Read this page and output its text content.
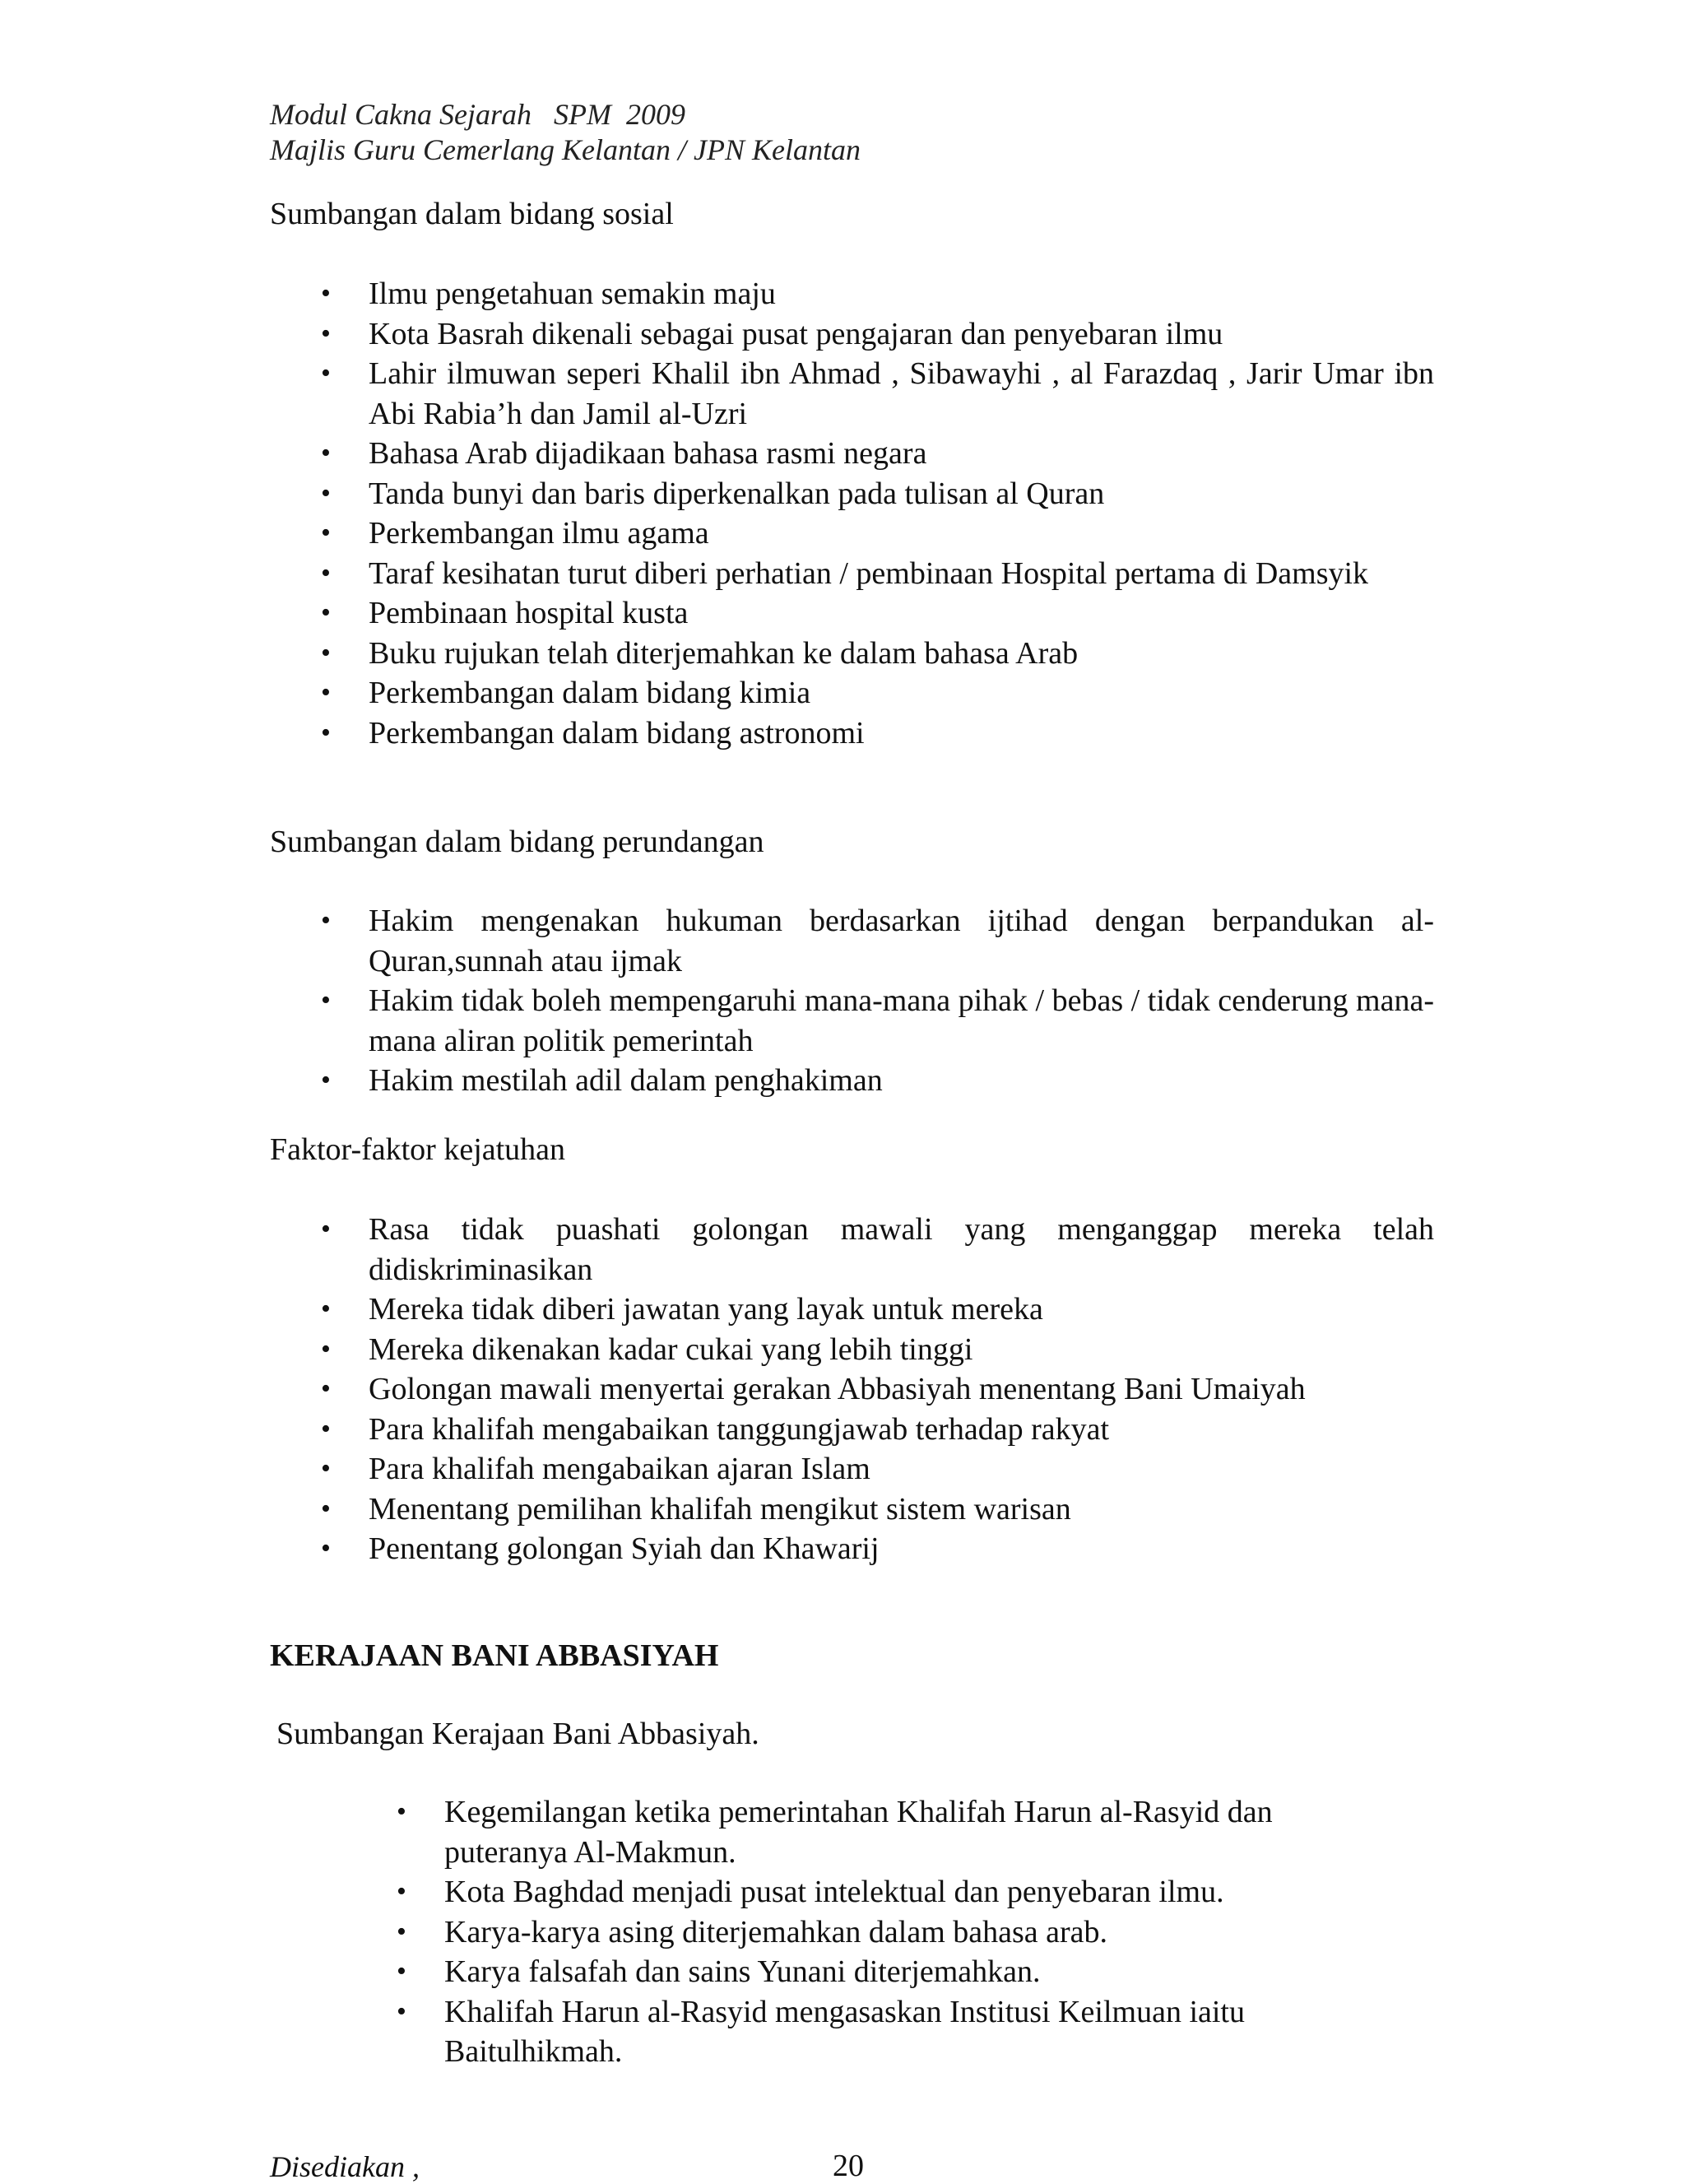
Modul Cakna Sejarah   SPM  2009
Majlis Guru Cemerlang Kelantan / JPN Kelantan
Sumbangan dalam bidang sosial
• Ilmu pengetahuan semakin maju
• Kota Basrah dikenali sebagai pusat pengajaran dan penyebaran ilmu
• Lahir ilmuwan seperi Khalil ibn Ahmad , Sibawayhi , al Farazdaq , Jarir Umar ibn Abi Rabia’h dan Jamil al-Uzri
• Bahasa Arab dijadikaan bahasa rasmi negara
• Tanda bunyi dan baris diperkenalkan pada tulisan al Quran
• Perkembangan ilmu agama
• Taraf kesihatan turut diberi perhatian / pembinaan Hospital pertama di Damsyik
• Pembinaan hospital kusta
• Buku rujukan telah diterjemahkan ke dalam bahasa Arab
• Perkembangan dalam bidang kimia
• Perkembangan dalam bidang astronomi
Sumbangan dalam bidang perundangan
• Hakim mengenakan hukuman berdasarkan ijtihad dengan berpandukan al-Quran,sunnah atau ijmak
• Hakim tidak boleh mempengaruhi mana-mana pihak / bebas / tidak cenderung mana-mana aliran politik pemerintah
• Hakim mestilah adil dalam penghakiman
Faktor-faktor kejatuhan
• Rasa tidak puashati golongan mawali yang menganggap mereka telah didiskriminasikan
• Mereka tidak diberi jawatan yang layak untuk mereka
• Mereka dikenakan kadar cukai yang lebih tinggi
• Golongan mawali menyertai gerakan Abbasiyah menentang Bani Umaiyah
• Para khalifah mengabaikan tanggungjawab terhadap rakyat
• Para khalifah mengabaikan ajaran Islam
• Menentang pemilihan khalifah mengikut sistem warisan
• Penentang golongan Syiah dan Khawarij
KERAJAAN BANI ABBASIYAH
Sumbangan Kerajaan Bani Abbasiyah.
• Kegemilangan ketika pemerintahan Khalifah Harun al-Rasyid dan puteranya Al-Makmun.
• Kota Baghdad menjadi pusat intelektual dan penyebaran ilmu.
• Karya-karya asing diterjemahkan dalam bahasa arab.
• Karya falsafah dan sains Yunani diterjemahkan.
• Khalifah Harun al-Rasyid mengasaskan Institusi Keilmuan iaitu Baitulhikmah.
Disediakan ,	20
